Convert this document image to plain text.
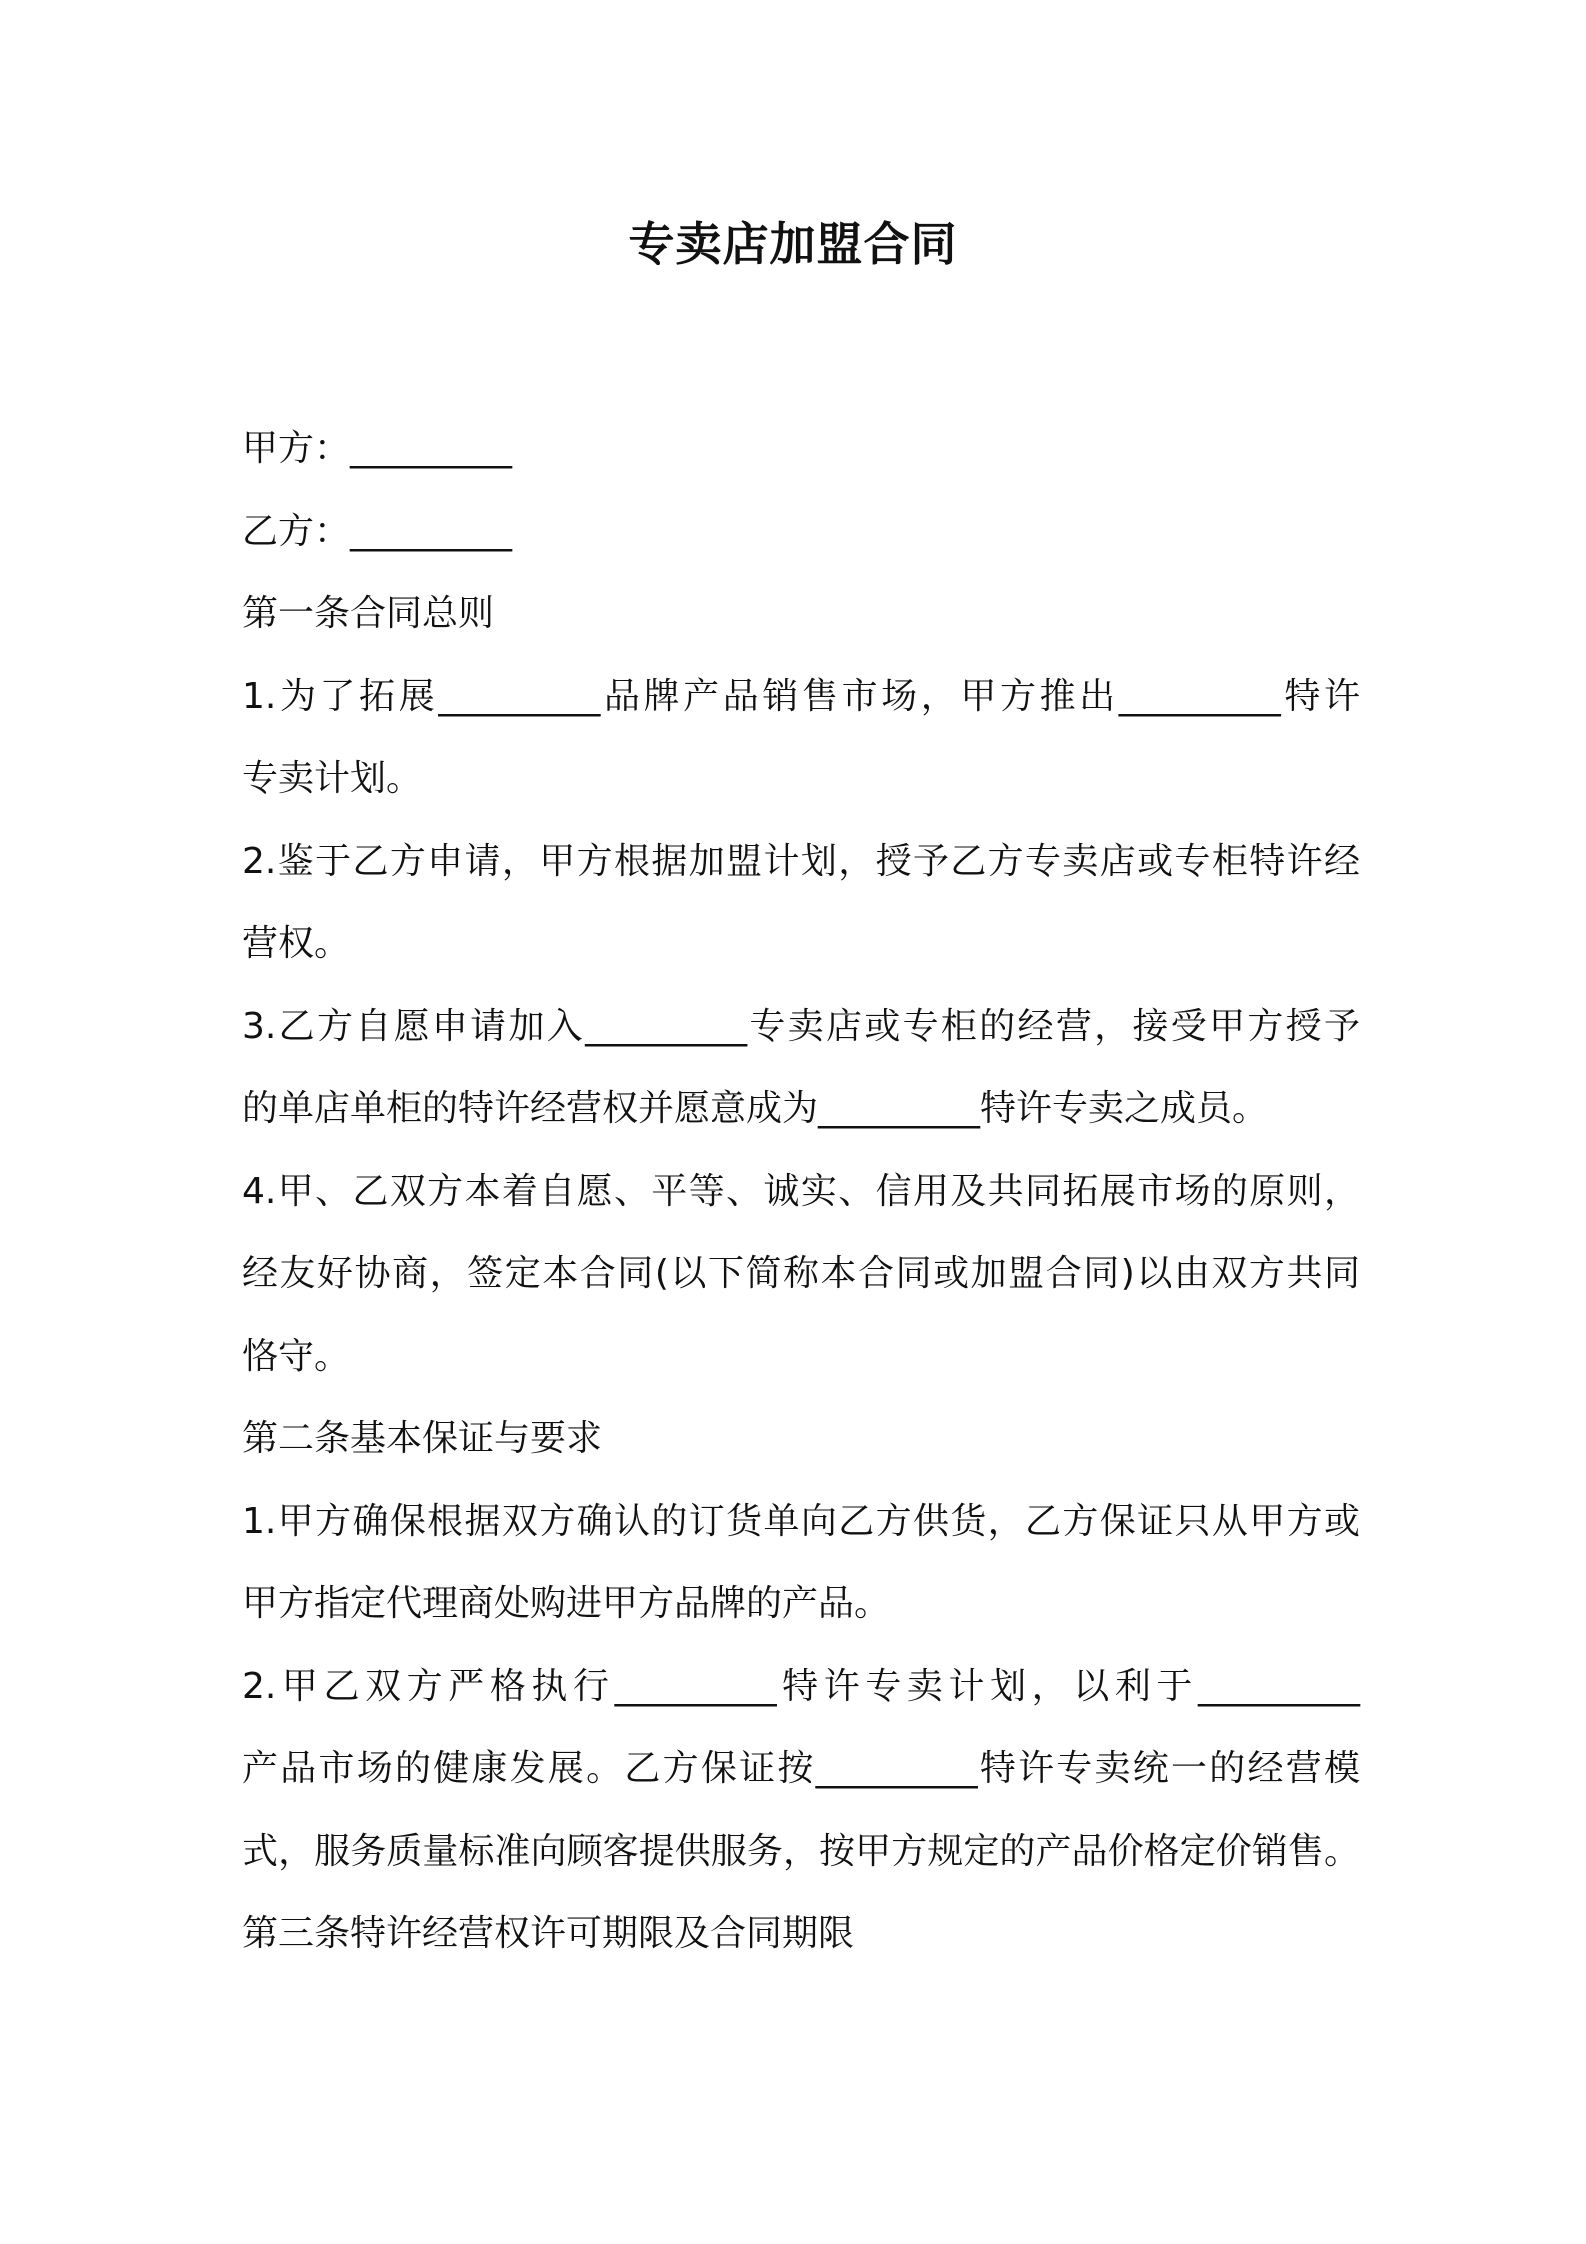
专卖店加盟合同

甲方：_________

乙方：_________

第一条合同总则

1.为了拓展_________品牌产品销售市场，甲方推出_________特许

专卖计划。

2.鉴于乙方申请，甲方根据加盟计划，授予乙方专卖店或专柜特许经

营权。

3.乙方自愿申请加入_________专卖店或专柜的经营，接受甲方授予

的单店单柜的特许经营权并愿意成为_________特许专卖之成员。

4.甲、乙双方本着自愿、平等、诚实、信用及共同拓展市场的原则，

经友好协商，签定本合同(以下简称本合同或加盟合同)以由双方共同

恪守。

第二条基本保证与要求

1.甲方确保根据双方确认的订货单向乙方供货，乙方保证只从甲方或

甲方指定代理商处购进甲方品牌的产品。

2.甲乙双方严格执行_________特许专卖计划，以利于_________

产品市场的健康发展。乙方保证按_________特许专卖统一的经营模

式，服务质量标准向顾客提供服务，按甲方规定的产品价格定价销售。

第三条特许经营权许可期限及合同期限
